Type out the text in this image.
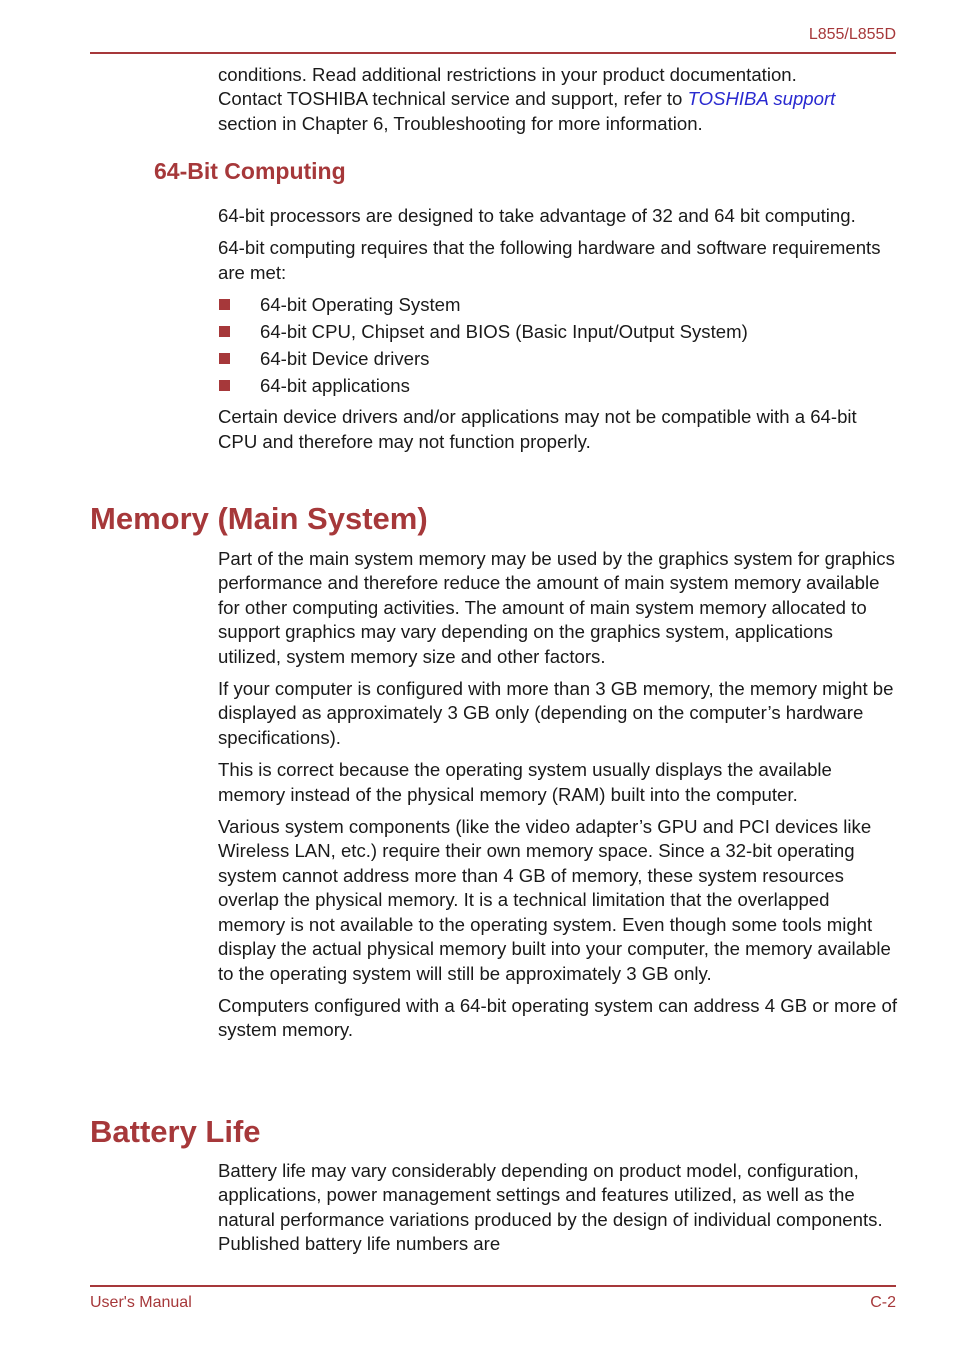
L855/L855D

conditions. Read additional restrictions in your product documentation.

Contact TOSHIBA technical service and support, refer to TOSHIBA support

section in Chapter 6, Troubleshooting for more information.

64-Bit Computing

64-bit processors are designed to take advantage of 32 and 64 bit computing.

64-bit computing requires that the following hardware and software requirements are met:

64-bit Operating System
64-bit CPU, Chipset and BIOS (Basic Input/Output System)
64-bit Device drivers
64-bit applications

Certain device drivers and/or applications may not be compatible with a 64-bit CPU and therefore may not function properly.

Memory (Main System)

Part of the main system memory may be used by the graphics system for graphics performance and therefore reduce the amount of main system memory available for other computing activities. The amount of main system memory allocated to support graphics may vary depending on the graphics system, applications utilized, system memory size and other factors.

If your computer is configured with more than 3 GB memory, the memory might be displayed as approximately 3 GB only (depending on the computer’s hardware specifications).

This is correct because the operating system usually displays the available memory instead of the physical memory (RAM) built into the computer.

Various system components (like the video adapter’s GPU and PCI devices like Wireless LAN, etc.) require their own memory space. Since a 32-bit operating system cannot address more than 4 GB of memory, these system resources overlap the physical memory. It is a technical limitation that the overlapped memory is not available to the operating system. Even though some tools might display the actual physical memory built into your computer, the memory available to the operating system will still be approximately 3 GB only.

Computers configured with a 64-bit operating system can address 4 GB or more of system memory.

Battery Life

Battery life may vary considerably depending on product model, configuration, applications, power management settings and features utilized, as well as the natural performance variations produced by the design of individual components. Published battery life numbers are

User's Manual	C-2
